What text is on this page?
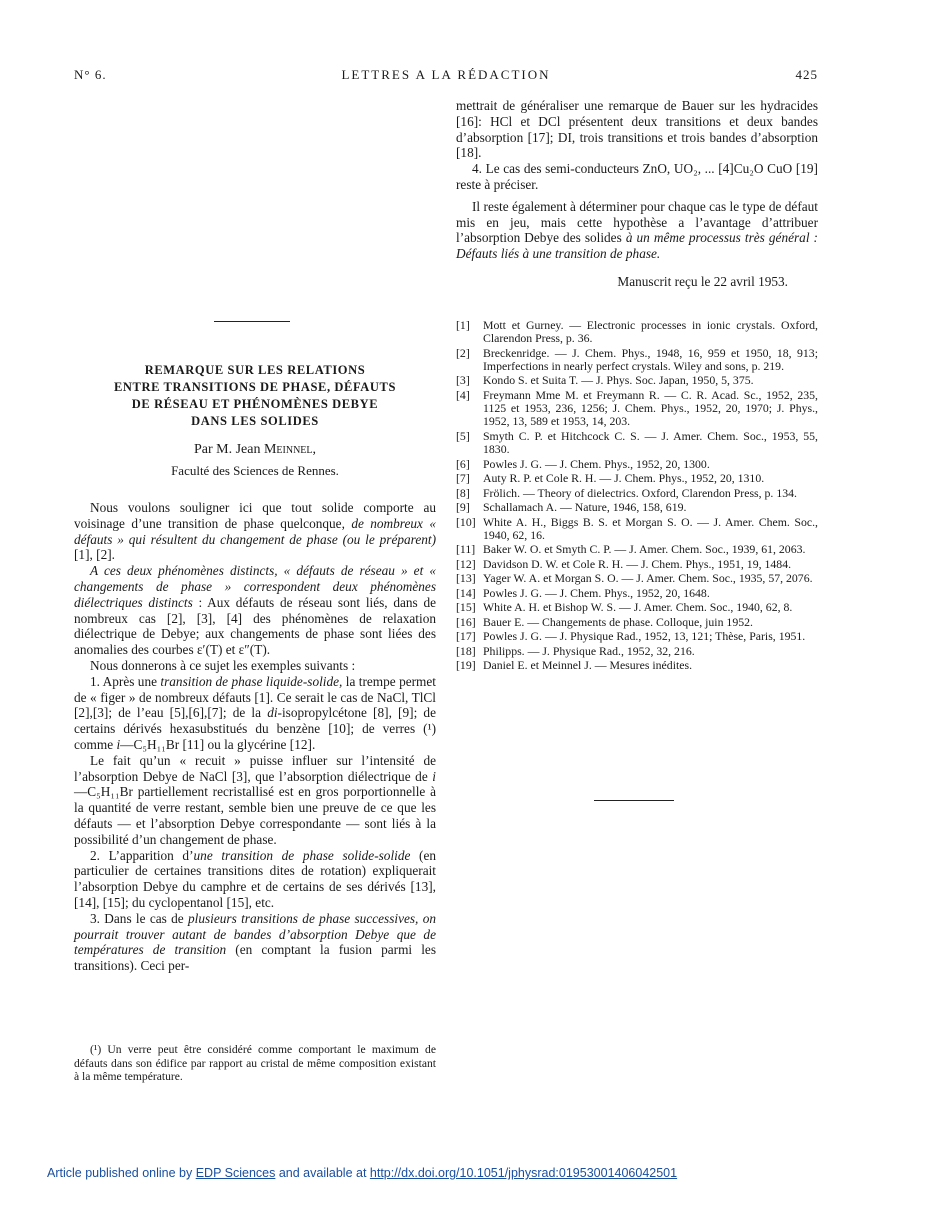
N° 6.	LETTRES A LA RÉDACTION	425
REMARQUE SUR LES RELATIONS
ENTRE TRANSITIONS DE PHASE, DÉFAUTS
DE RÉSEAU ET PHÉNOMÈNES DEBYE
DANS LES SOLIDES
Par M. Jean Meinnel,
Faculté des Sciences de Rennes.

Nous voulons souligner ici que tout solide comporte au voisinage d’une transition de phase quelconque, de nombreux « défauts » qui résultent du changement de phase (ou le préparent) [1], [2].

A ces deux phénomènes distincts, « défauts de réseau » et « changements de phase » correspondent deux phénomènes diélectriques distincts : Aux défauts de réseau sont liés, dans de nombreux cas [2], [3], [4] des phénomènes de relaxation diélectrique de Debye; aux changements de phase sont liées des anomalies des courbes ε′(T) et ε″(T).

Nous donnerons à ce sujet les exemples suivants :

1. Après une transition de phase liquide-solide, la trempe permet de « figer » de nombreux défauts [1]. Ce serait le cas de NaCl, TlCl [2],[3]; de l’eau [5],[6],[7]; de la di-isopropylcétone [8], [9]; de certains dérivés hexasubstitués du benzène [10]; de verres (¹) comme i—C₅H₁₁Br [11] ou la glycérine [12].

Le fait qu’un « recuit » puisse influer sur l’intensité de l’absorption Debye de NaCl [3], que l’absorption diélectrique de i—C₅H₁₁Br partiellement recristallisé est en gros porportionnelle à la quantité de verre restant, semble bien une preuve de ce que les défauts — et l’absorption Debye correspondante — sont liés à la possibilité d’un changement de phase.

2. L’apparition d’une transition de phase solide-solide (en particulier de certaines transitions dites de rotation) expliquerait l’absorption Debye du camphre et de certains de ses dérivés [13], [14], [15]; du cyclopentanol [15], etc.

3. Dans le cas de plusieurs transitions de phase successives, on pourrait trouver autant de bandes d’absorption Debye que de températures de transition (en comptant la fusion parmi les transitions). Ceci per-

(¹) Un verre peut être considéré comme comportant le maximum de défauts dans son édifice par rapport au cristal de même composition existant à la même température.

mettrait de généraliser une remarque de Bauer sur les hydracides [16]: HCl et DCl présentent deux transitions et deux bandes d’absorption [17]; DI, trois transitions et trois bandes d’absorption [18].

4. Le cas des semi-conducteurs ZnO, UO₂, ... [4]Cu₂O CuO [19] reste à préciser.

Il reste également à déterminer pour chaque cas le type de défaut mis en jeu, mais cette hypothèse a l’avantage d’attribuer l’absorption Debye des solides à un même processus très général : Défauts liés à une transition de phase.

Manuscrit reçu le 22 avril 1953.

[1]	Mott et Gurney. — Electronic processes in ionic crystals. Oxford, Clarendon Press, p. 36.
[2]	Breckenridge. — J. Chem. Phys., 1948, 16, 959 et 1950, 18, 913; Imperfections in nearly perfect crystals. Wiley and sons, p. 219.
[3]	Kondo S. et Suita T. — J. Phys. Soc. Japan, 1950, 5, 375.
[4]	Freymann Mme M. et Freymann R. — C. R. Acad. Sc., 1952, 235, 1125 et 1953, 236, 1256; J. Chem. Phys., 1952, 20, 1970; J. Phys., 1952, 13, 589 et 1953, 14, 203.
[5]	Smyth C. P. et Hitchcock C. S. — J. Amer. Chem. Soc., 1953, 55, 1830.
[6]	Powles J. G. — J. Chem. Phys., 1952, 20, 1300.
[7]	Auty R. P. et Cole R. H. — J. Chem. Phys., 1952, 20, 1310.
[8]	Frölich. — Theory of dielectrics. Oxford, Clarendon Press, p. 134.
[9]	Schallamach A. — Nature, 1946, 158, 619.
[10] White A. H., Biggs B. S. et Morgan S. O. — J. Amer. Chem. Soc., 1940, 62, 16.
[11] Baker W. O. et Smyth C. P. — J. Amer. Chem. Soc., 1939, 61, 2063.
[12] Davidson D. W. et Cole R. H. — J. Chem. Phys., 1951, 19, 1484.
[13] Yager W. A. et Morgan S. O. — J. Amer. Chem. Soc., 1935, 57, 2076.
[14] Powles J. G. — J. Chem. Phys., 1952, 20, 1648.
[15] White A. H. et Bishop W. S. — J. Amer. Chem. Soc., 1940, 62, 8.
[16] Bauer E. — Changements de phase. Colloque, juin 1952.
[17] Powles J. G. — J. Physique Rad., 1952, 13, 121; Thèse, Paris, 1951.
[18] Philipps. — J. Physique Rad., 1952, 32, 216.
[19] Daniel E. et Meinnel J. — Mesures inédites.
Article published online by EDP Sciences and available at http://dx.doi.org/10.1051/jphysrad:01953001406042501
